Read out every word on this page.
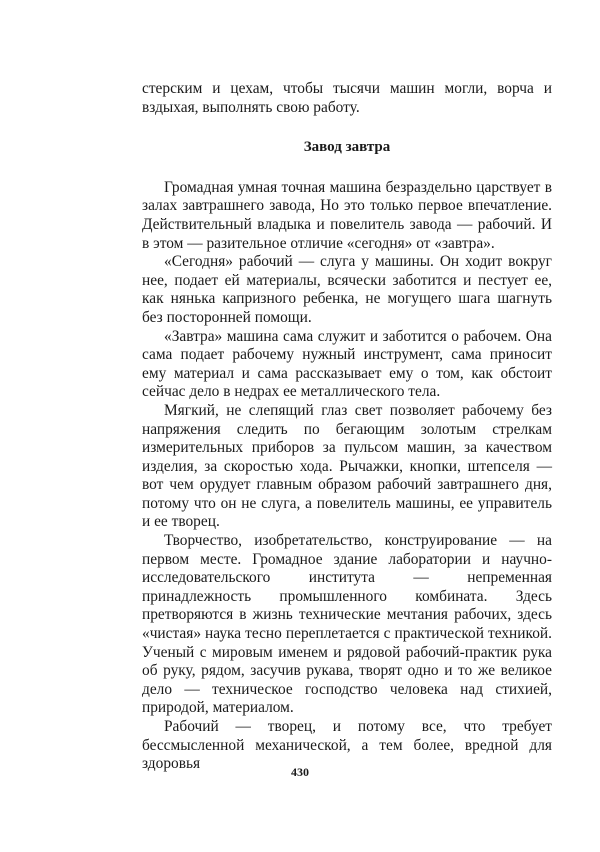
стерским и цехам, чтобы тысячи машин могли, ворча и вздыхая, выполнять свою работу.

Завод завтра

Громадная умная точная машина безраздельно царствует в залах завтрашнего завода, Но это только первое впечатление. Действительный владыка и повелитель завода — рабочий. И в этом — разительное отличие «сегодня» от «завтра».

«Сегодня» рабочий — слуга у машины. Он ходит вокруг нее, подает ей материалы, всячески заботится и пестует ее, как нянька капризного ребенка, не могущего шага шагнуть без посторонней помощи.

«Завтра» машина сама служит и заботится о рабочем. Она сама подает рабочему нужный инструмент, сама приносит ему материал и сама рассказывает ему о том, как обстоит сейчас дело в недрах ее металлического тела.

Мягкий, не слепящий глаз свет позволяет рабочему без напряжения следить по бегающим золотым стрелкам измерительных приборов за пульсом машин, за качеством изделия, за скоростью хода. Рычажки, кнопки, штепселя — вот чем орудует главным образом рабочий завтрашнего дня, потому что он не слуга, а повелитель машины, ее управитель и ее творец.

Творчество, изобретательство, конструирование — на первом месте. Громадное здание лаборатории и научно-исследовательского института — непременная принадлежность промышленного комбината. Здесь претворяются в жизнь технические мечтания рабочих, здесь «чистая» наука тесно переплетается с практической техникой. Ученый с мировым именем и рядовой рабочий-практик рука об руку, рядом, засучив рукава, творят одно и то же великое дело — техническое господство человека над стихией, природой, материалом.

Рабочий — творец, и потому все, что требует бессмысленной механической, а тем более, вредной для здоровья	430
